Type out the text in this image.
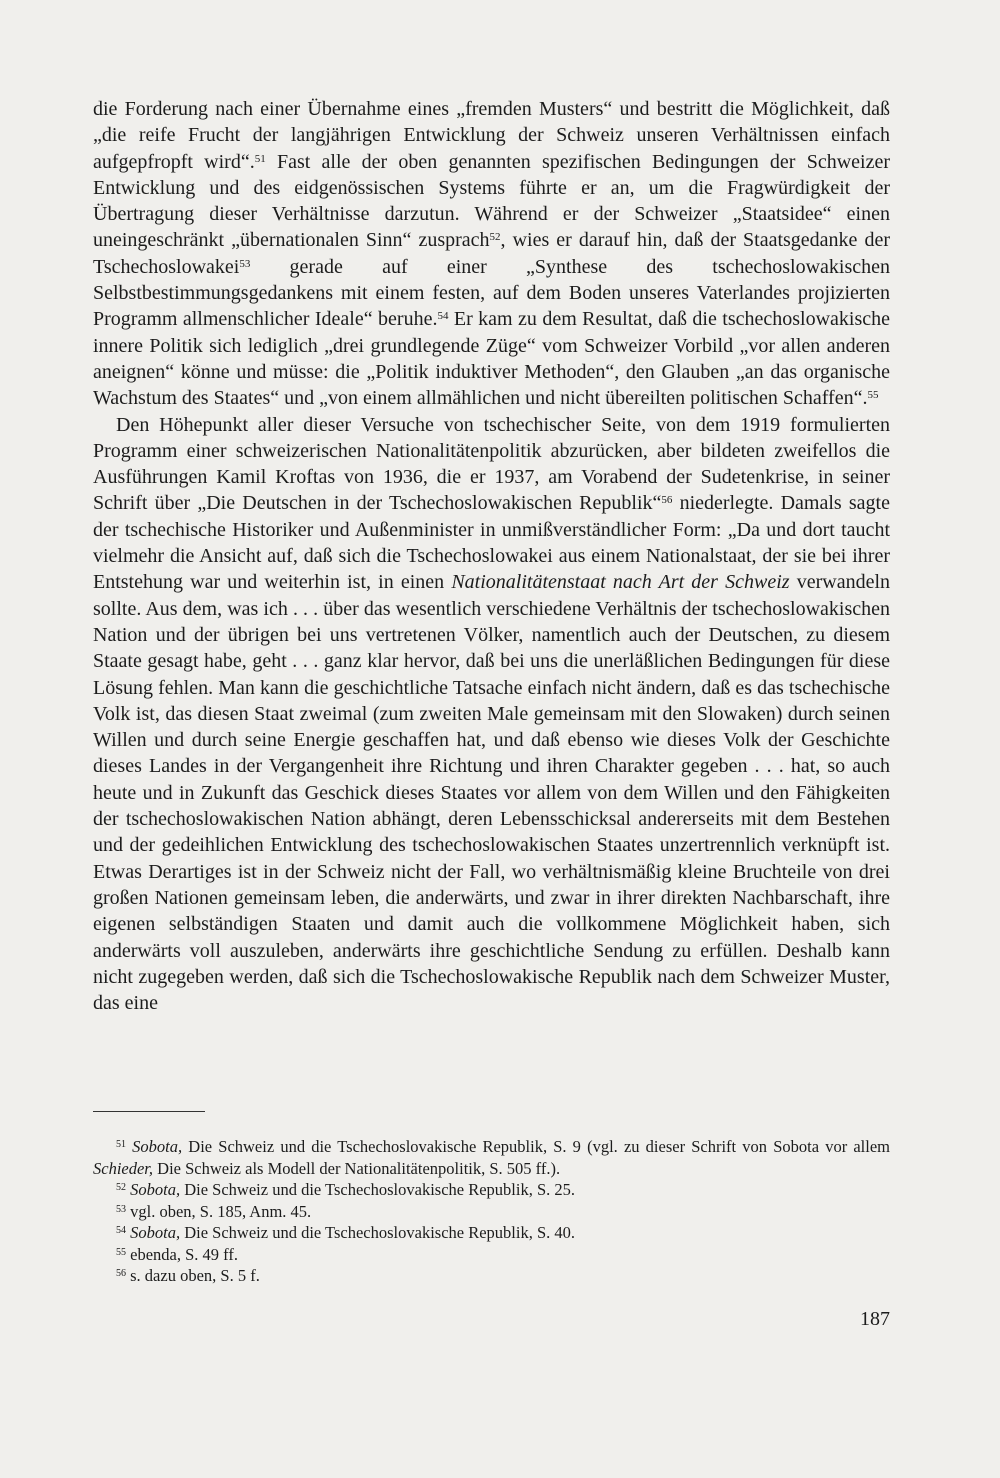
die Forderung nach einer Übernahme eines „fremden Musters“ und bestritt die Möglichkeit, daß „die reife Frucht der langjährigen Entwicklung der Schweiz unseren Verhältnissen einfach aufgepfropft wird“.$^{51}$ Fast alle der oben genannten spezifischen Bedingungen der Schweizer Entwicklung und des eidgenössischen Systems führte er an, um die Fragwürdigkeit der Übertragung dieser Verhältnisse darzutun. Während er der Schweizer „Staatsidee“ einen uneingeschränkt „übernationalen Sinn“ zusprach$^{52}$, wies er darauf hin, daß der Staatsgedanke der Tschechoslowakei$^{53}$ gerade auf einer „Synthese des tschechoslowakischen Selbstbestimmungsgedankens mit einem festen, auf dem Boden unseres Vaterlandes projizierten Programm allmenschlicher Ideale“ beruhe.$^{54}$ Er kam zu dem Resultat, daß die tschechoslowakische innere Politik sich lediglich „drei grundlegende Züge“ vom Schweizer Vorbild „vor allen anderen aneignen“ könne und müsse: die „Politik induktiver Methoden“, den Glauben „an das organische Wachstum des Staates“ und „von einem allmählichen und nicht übereilten politischen Schaffen“.$^{55}$

Den Höhepunkt aller dieser Versuche von tschechischer Seite, von dem 1919 formulierten Programm einer schweizerischen Nationalitätenpolitik abzurücken, aber bildeten zweifellos die Ausführungen Kamil Kroftas von 1936, die er 1937, am Vorabend der Sudetenkrise, in seiner Schrift über „Die Deutschen in der Tschechoslowakischen Republik“$^{56}$ niederlegte. Damals sagte der tschechische Historiker und Außenminister in unmißverständlicher Form: „Da und dort taucht vielmehr die Ansicht auf, daß sich die Tschechoslowakei aus einem Nationalstaat, der sie bei ihrer Entstehung war und weiterhin ist, in einen Nationalitätenstaat nach Art der Schweiz verwandeln sollte. Aus dem, was ich . . . über das wesentlich verschiedene Verhältnis der tschechoslowakischen Nation und der übrigen bei uns vertretenen Völker, namentlich auch der Deutschen, zu diesem Staate gesagt habe, geht . . . ganz klar hervor, daß bei uns die unerläßlichen Bedingungen für diese Lösung fehlen. Man kann die geschichtliche Tatsache einfach nicht ändern, daß es das tschechische Volk ist, das diesen Staat zweimal (zum zweiten Male gemeinsam mit den Slowaken) durch seinen Willen und durch seine Energie geschaffen hat, und daß ebenso wie dieses Volk der Geschichte dieses Landes in der Vergangenheit ihre Richtung und ihren Charakter gegeben . . . hat, so auch heute und in Zukunft das Geschick dieses Staates vor allem von dem Willen und den Fähigkeiten der tschechoslowakischen Nation abhängt, deren Lebensschicksal andererseits mit dem Bestehen und der gedeihlichen Entwicklung des tschechoslowakischen Staates unzertrennlich verknüpft ist. Etwas Derartiges ist in der Schweiz nicht der Fall, wo verhältnismäßig kleine Bruchteile von drei großen Nationen gemeinsam leben, die anderwärts, und zwar in ihrer direkten Nachbarschaft, ihre eigenen selbständigen Staaten und damit auch die vollkommene Möglichkeit haben, sich anderwärts voll auszuleben, anderwärts ihre geschichtliche Sendung zu erfüllen. Deshalb kann nicht zugegeben werden, daß sich die Tschechoslowakische Republik nach dem Schweizer Muster, das eine

$^{51}$ Sobota, Die Schweiz und die Tschechoslovakische Republik, S. 9 (vgl. zu dieser Schrift von Sobota vor allem Schieder, Die Schweiz als Modell der Nationalitätenpolitik, S. 505 ff.).

$^{52}$ Sobota, Die Schweiz und die Tschechoslovakische Republik, S. 25.

$^{53}$ vgl. oben, S. 185, Anm. 45.

$^{54}$ Sobota, Die Schweiz und die Tschechoslovakische Republik, S. 40.

$^{55}$ ebenda, S. 49 ff.

$^{56}$ s. dazu oben, S. 5 f.

187
